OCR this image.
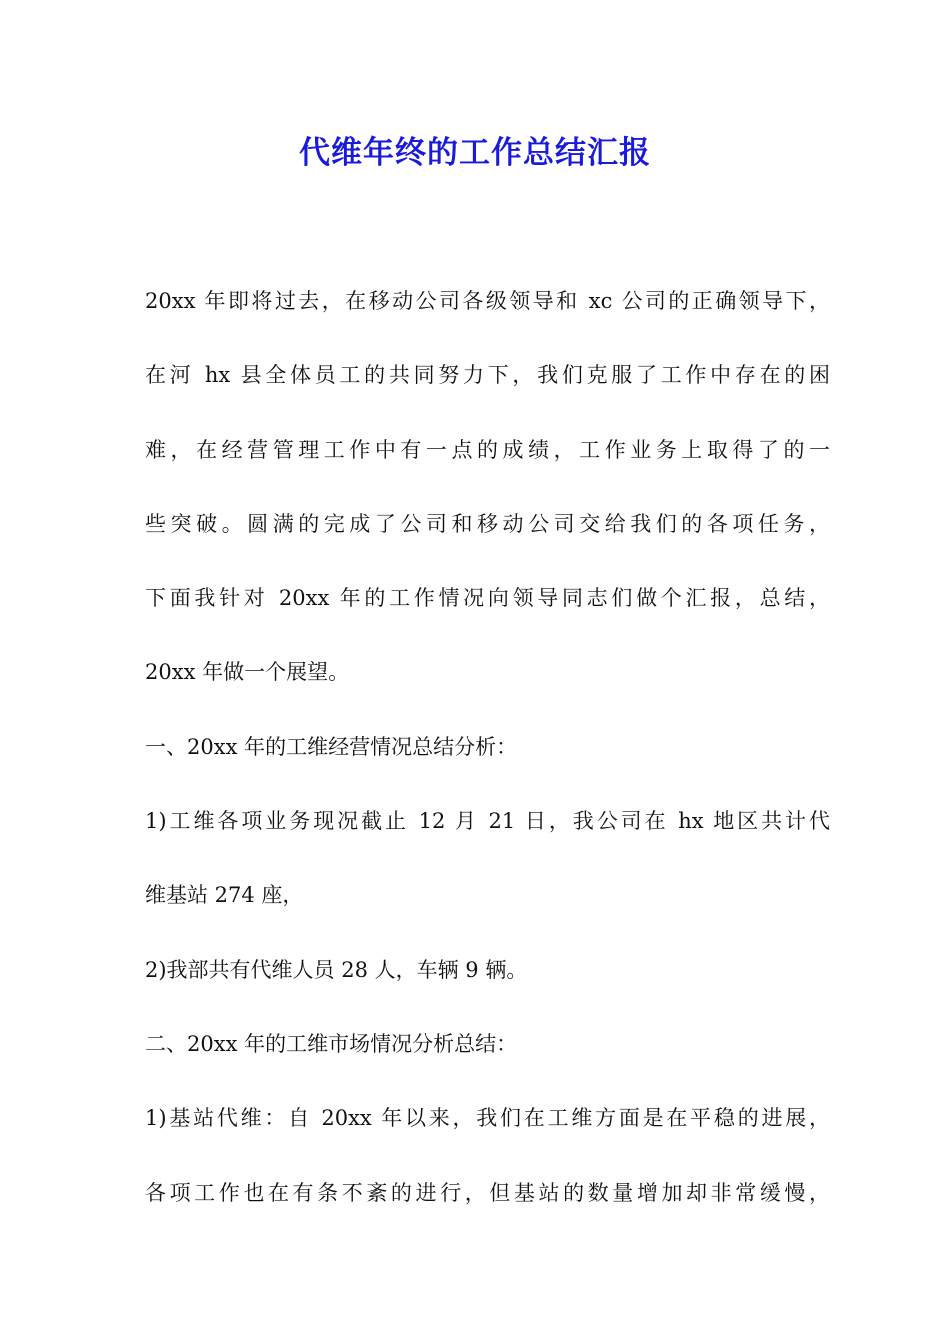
代维年终的工作总结汇报

20xx 年即将过去，在移动公司各级领导和 xc 公司的正确领导下，

在河 hx 县全体员工的共同努力下，我们克服了工作中存在的困

难，在经营管理工作中有一点的成绩，工作业务上取得了的一

些突破。圆满的完成了公司和移动公司交给我们的各项任务，

下面我针对 20xx 年的工作情况向领导同志们做个汇报，总结，

20xx 年做一个展望。

一、20xx 年的工维经营情况总结分析：

1)工维各项业务现况截止 12 月 21 日，我公司在 hx 地区共计代

维基站 274 座，

2)我部共有代维人员 28 人，车辆 9 辆。

二、20xx 年的工维市场情况分析总结：

1)基站代维：自 20xx 年以来，我们在工维方面是在平稳的进展，

各项工作也在有条不紊的进行，但基站的数量增加却非常缓慢，
